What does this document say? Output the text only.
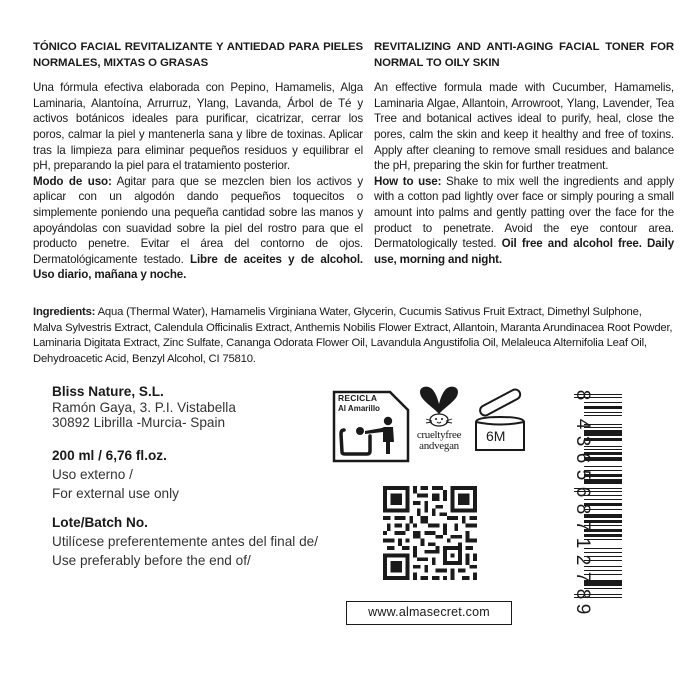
TÓNICO FACIAL REVITALIZANTE Y ANTIEDAD PARA PIELES NORMALES, MIXTAS O GRASAS
Una fórmula efectiva elaborada con Pepino, Hamamelis, Alga Laminaria, Alantoína, Arrurruz, Ylang, Lavanda, Árbol de Té y activos botánicos ideales para purificar, cicatrizar, cerrar los poros, calmar la piel y mantenerla sana y libre de toxinas. Aplicar tras la limpieza para eliminar pequeños residuos y equilibrar el pH, preparando la piel para el tratamiento posterior.
Modo de uso: Agitar para que se mezclen bien los activos y aplicar con un algodón dando pequeños toquecitos o simplemente poniendo una pequeña cantidad sobre las manos y apoyándolas con suavidad sobre la piel del rostro para que el producto penetre. Evitar el área del contorno de ojos. Dermatológicamente testado. Libre de aceites y de alcohol. Uso diario, mañana y noche.
REVITALIZING AND ANTI-AGING FACIAL TONER FOR NORMAL TO OILY SKIN
An effective formula made with Cucumber, Hamamelis, Laminaria Algae, Allantoin, Arrowroot, Ylang, Lavender, Tea Tree and botanical actives ideal to purify, heal, close the pores, calm the skin and keep it healthy and free of toxins. Apply after cleaning to remove small residues and balance the pH, preparing the skin for further treatment.
How to use: Shake to mix well the ingredients and apply with a cotton pad lightly over face or simply pouring a small amount into palms and gently patting over the face for the product to penetrate. Avoid the eye contour area. Dermatologically tested. Oil free and alcohol free. Daily use, morning and night.
Ingredients: Aqua (Thermal Water), Hamamelis Virginiana Water, Glycerin, Cucumis Sativus Fruit Extract, Dimethyl Sulphone, Malva Sylvestris Extract, Calendula Officinalis Extract, Anthemis Nobilis Flower Extract, Allantoin, Maranta Arundinacea Root Powder, Laminaria Digitata Extract, Zinc Sulfate, Cananga Odorata Flower Oil, Lavandula Angustifolia Oil, Melaleuca Alternifolia Leaf Oil, Dehydroacetic Acid, Benzyl Alcohol, CI 75810.
Bliss Nature, S.L.
Ramón Gaya, 3. P.I. Vistabella
30892 Librilla -Murcia- Spain
200 ml / 6,76 fl.oz.
Uso externo /
For external use only
Lote/Batch No.
Utilícese preferentemente antes del final de/
Use preferably before the end of/
RECICLA
Al Amarillo
crueltyfree
andvegan
6M
www.almasecret.com
8
4
3
6
5
6
8
7
1
2
7
8
9
